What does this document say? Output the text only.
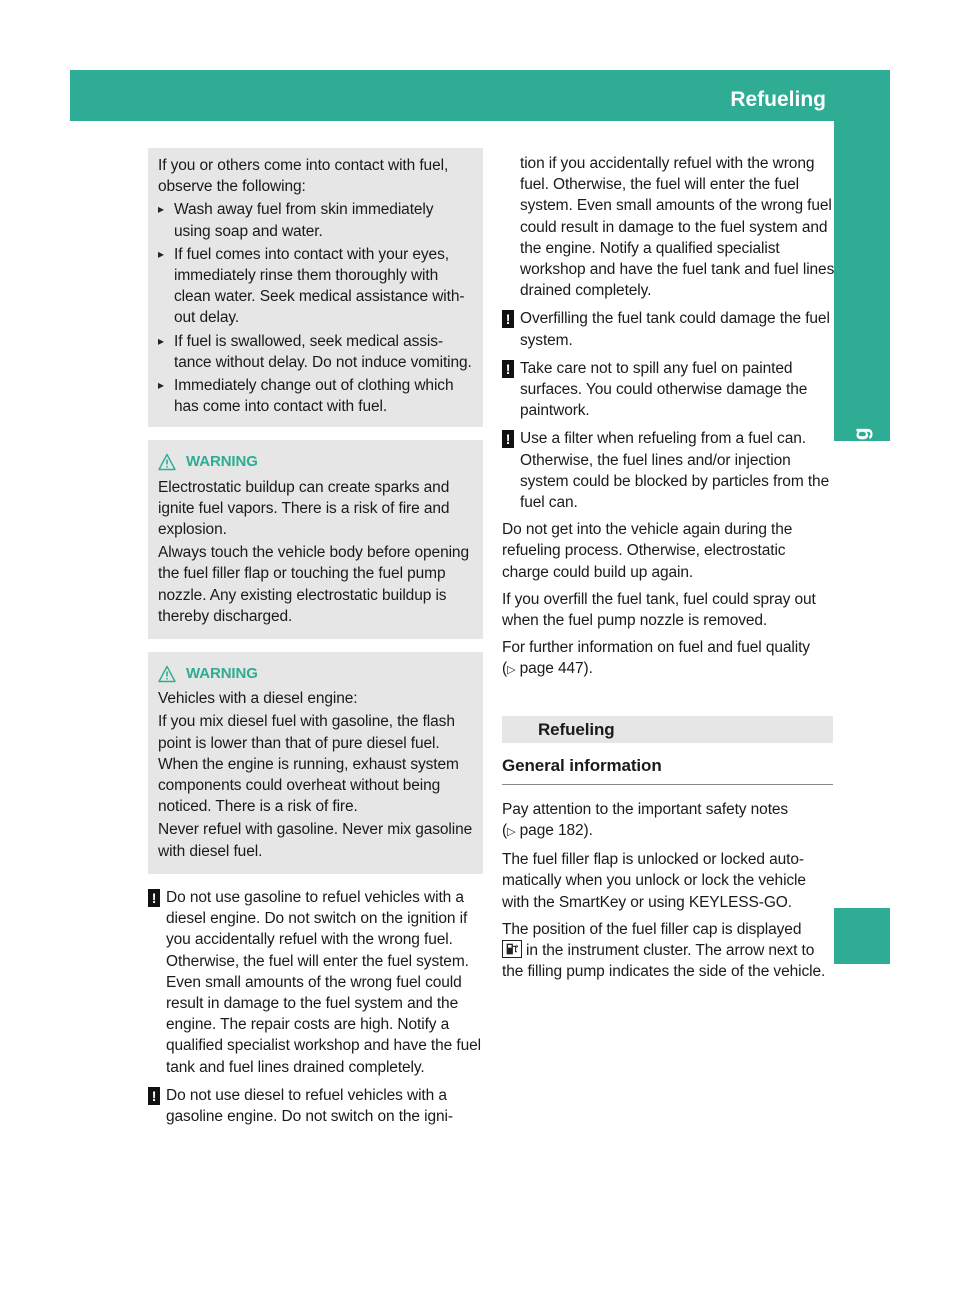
Refueling	183
Driving and parking

If you or others come into contact with fuel, observe the following:

▸ Wash away fuel from skin immediately using soap and water.
▸ If fuel comes into contact with your eyes, immediately rinse them thoroughly with clean water. Seek medical assistance without delay.
▸ If fuel is swallowed, seek medical assistance without delay. Do not induce vomiting.
▸ Immediately change out of clothing which has come into contact with fuel.
WARNING

Electrostatic buildup can create sparks and ignite fuel vapors. There is a risk of fire and explosion.

Always touch the vehicle body before opening the fuel filler flap or touching the fuel pump nozzle. Any existing electrostatic buildup is thereby discharged.

WARNING

Vehicles with a diesel engine:

If you mix diesel fuel with gasoline, the flash point is lower than that of pure diesel fuel. When the engine is running, exhaust system components could overheat without being noticed. There is a risk of fire.

Never refuel with gasoline. Never mix gasoline with diesel fuel.

! Do not use gasoline to refuel vehicles with a diesel engine. Do not switch on the ignition if you accidentally refuel with the wrong fuel. Otherwise, the fuel will enter the fuel system. Even small amounts of the wrong fuel could result in damage to the fuel system and the engine. The repair costs are high. Notify a qualified specialist workshop and have the fuel tank and fuel lines drained completely.
! Do not use diesel to refuel vehicles with a gasoline engine. Do not switch on the igni-
tion if you accidentally refuel with the wrong fuel. Otherwise, the fuel will enter the fuel system. Even small amounts of the wrong fuel could result in damage to the fuel system and the engine. Notify a qualified specialist workshop and have the fuel tank and fuel lines drained completely.
! Overfilling the fuel tank could damage the fuel system.
! Take care not to spill any fuel on painted surfaces. You could otherwise damage the paintwork.
! Use a filter when refueling from a fuel can. Otherwise, the fuel lines and/or injection system could be blocked by particles from the fuel can.

Do not get into the vehicle again during the refueling process. Otherwise, electrostatic charge could build up again.

If you overfill the fuel tank, fuel could spray out when the fuel pump nozzle is removed.

For further information on fuel and fuel quality
(▷ page 447).

Refueling
General information

Pay attention to the important safety notes
(▷ page 182).

The fuel filler flap is unlocked or locked automatically when you unlock or lock the vehicle with the SmartKey or using KEYLESS-GO.

The position of the fuel filler cap is displayed
in the instrument cluster. The arrow next to the filling pump indicates the side of the vehicle.
